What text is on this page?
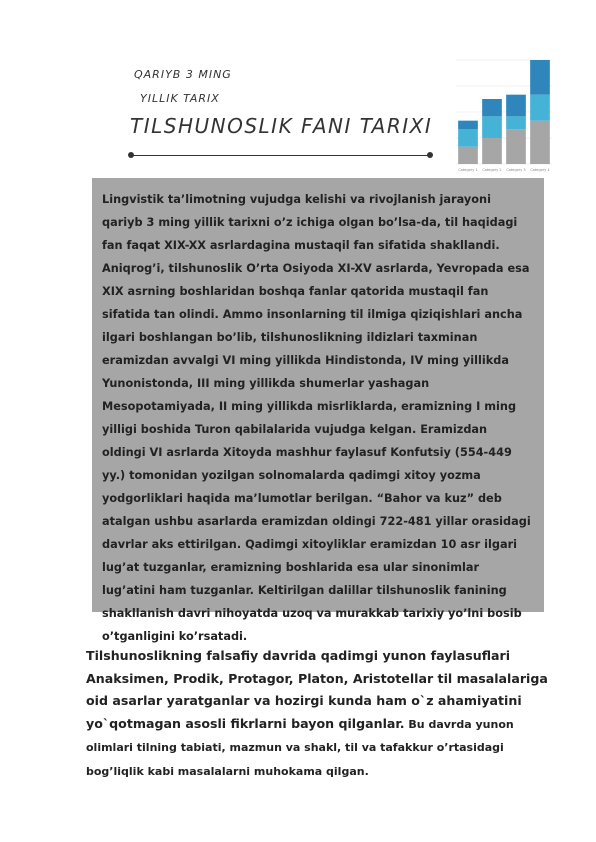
QARIYB 3 MING
YILLIK TARIX
TILSHUNOSLIK FANI TARIXI
Category 1 Category 2 Category 3 Category 4

Lingvistik ta’limotning vujudga kelishi va rivojlanish jarayoni qariyb 3 ming yillik tarixni o’z ichiga olgan bo’lsa-da, til haqidagi fan faqat XIX-XX asrlardagina mustaqil fan sifatida shakllandi. Aniqrog’i, tilshunoslik O’rta Osiyoda XI-XV asrlarda, Yevropada esa XIX asrning boshlaridan boshqa fanlar qatorida mustaqil fan sifatida tan olindi. Ammo insonlarning til ilmiga qiziqishlari ancha ilgari boshlangan bo’lib, tilshunoslikning ildizlari taxminan eramizdan avvalgi VI ming yillikda Hindistonda, IV ming yillikda Yunonistonda, III ming yillikda shumerlar yashagan Mesopotamiyada, II ming yillikda misrliklarda, eramizning I ming yilligi boshida Turon qabilalarida vujudga kelgan. Eramizdan oldingi VI asrlarda Xitoyda mashhur faylasuf Konfutsiy (554-449 yy.) tomonidan yozilgan solnomalarda qadimgi xitoy yozma yodgorliklari haqida ma’lumotlar berilgan. “Bahor va kuz” deb atalgan ushbu asarlarda eramizdan oldingi 722-481 yillar orasidagi davrlar aks ettirilgan. Qadimgi xitoyliklar eramizdan 10 asr ilgari lug’at tuzganlar, eramizning boshlarida esa ular sinonimlar lug’atini ham tuzganlar. Keltirilgan dalillar tilshunoslik fanining shakllanish davri nihoyatda uzoq va murakkab tarixiy yo’lni bosib o’tganligini ko’rsatadi.

Tilshunoslikning falsafiy davrida qadimgi yunon faylasuflari Anaksimen, Prodik, Protagor, Platon, Aristotellar til masalalariga oid asarlar yaratganlar va hozirgi kunda ham o`z ahamiyatini yo`qotmagan asosli fikrlarni bayon qilganlar. Bu davrda yunon olimlari tilning tabiati, mazmun va shakl, til va tafakkur o’rtasidagi bog’liqlik kabi masalalarni muhokama qilgan.
